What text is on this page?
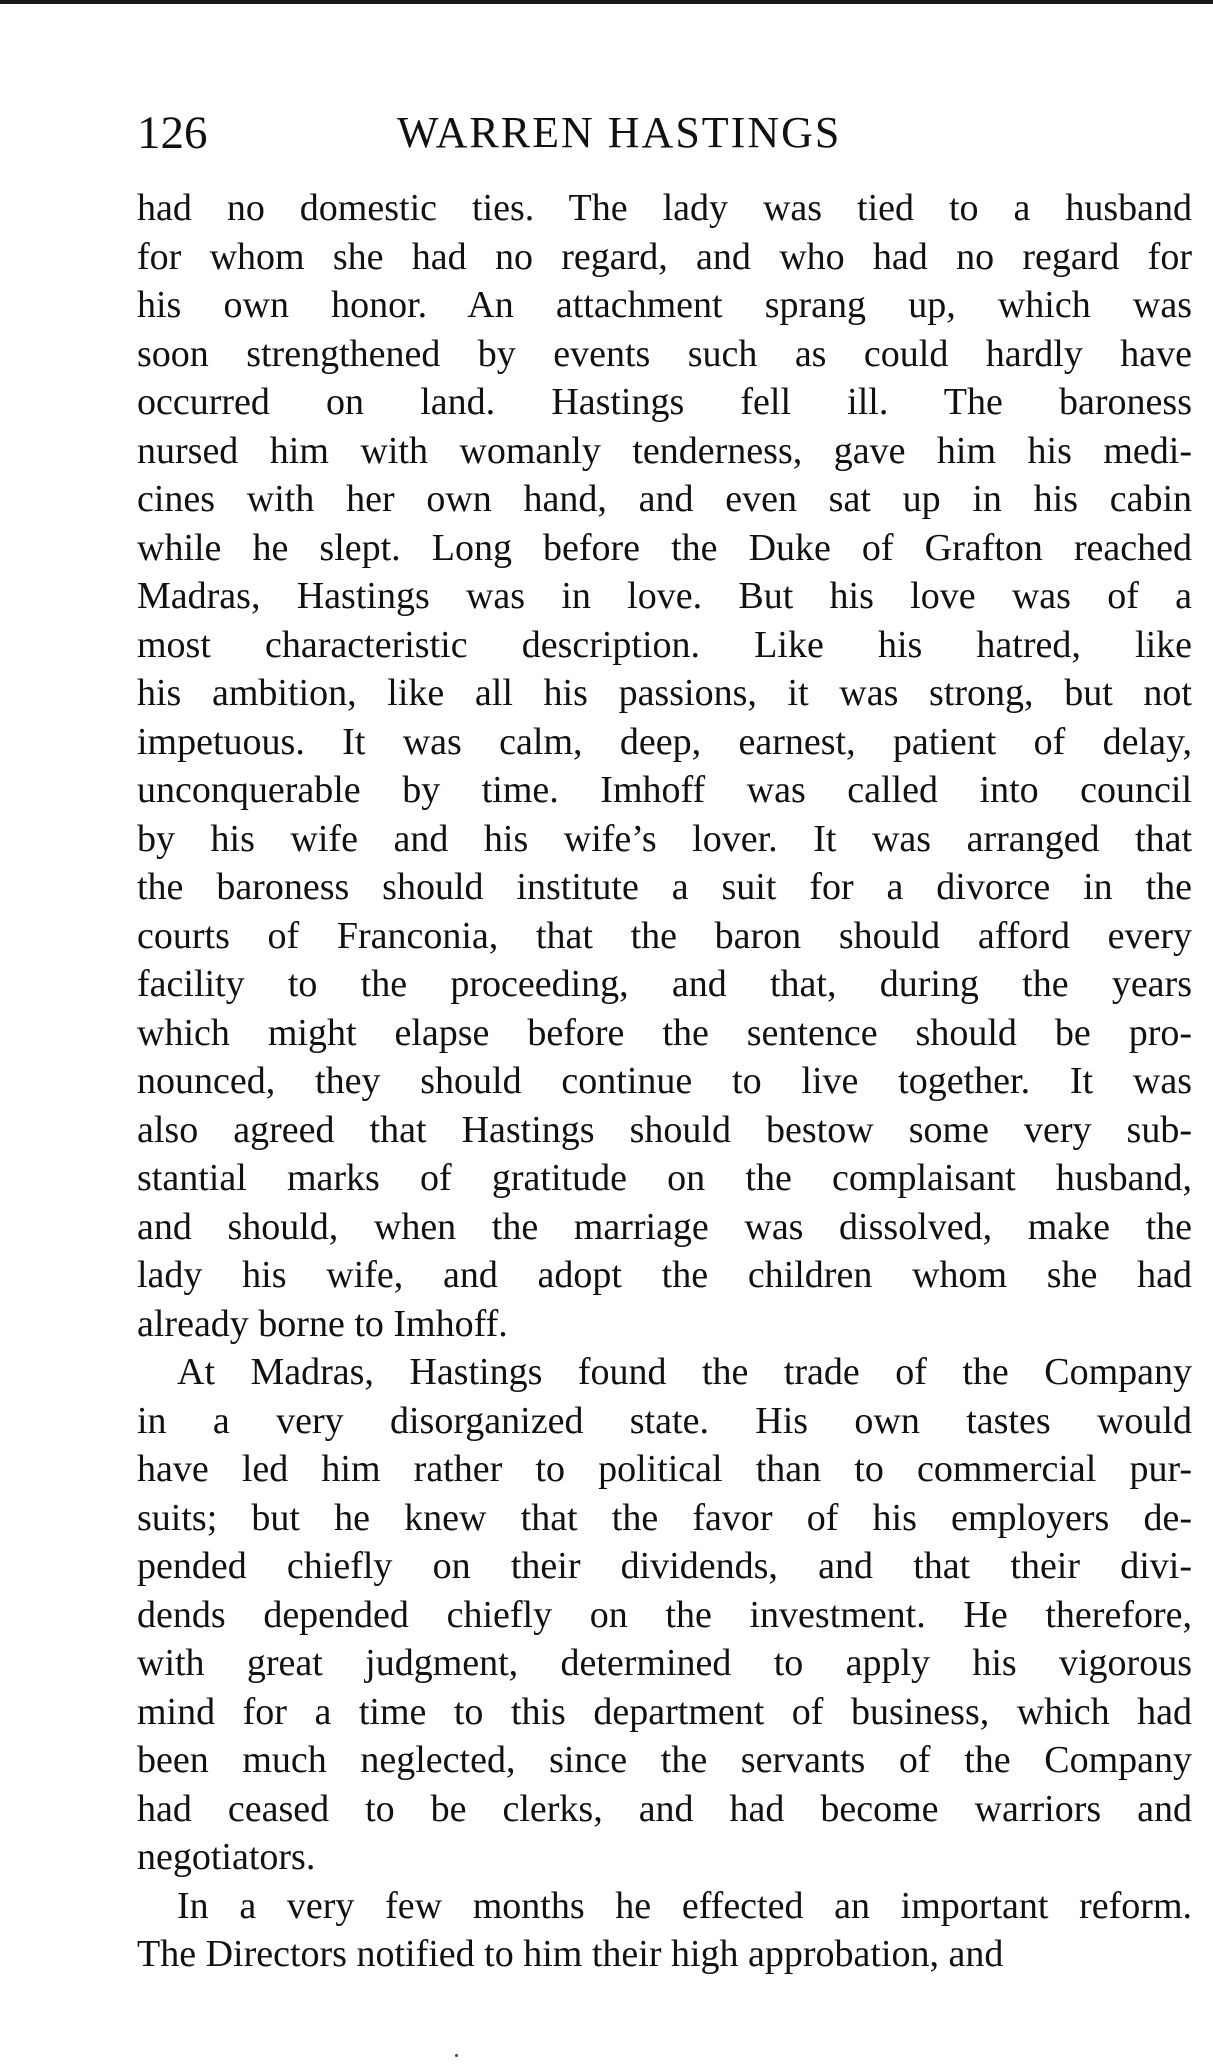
126	WARREN HASTINGS
had no domestic ties. The lady was tied to a husband
for whom she had no regard, and who had no regard for
his own honor. An attachment sprang up, which was
soon strengthened by events such as could hardly have
occurred on land. Hastings fell ill. The baroness
nursed him with womanly tenderness, gave him his medi-
cines with her own hand, and even sat up in his cabin
while he slept. Long before the Duke of Grafton reached
Madras, Hastings was in love. But his love was of a
most characteristic description. Like his hatred, like
his ambition, like all his passions, it was strong, but not
impetuous. It was calm, deep, earnest, patient of delay,
unconquerable by time. Imhoff was called into council
by his wife and his wife’s lover. It was arranged that
the baroness should institute a suit for a divorce in the
courts of Franconia, that the baron should afford every
facility to the proceeding, and that, during the years
which might elapse before the sentence should be pro-
nounced, they should continue to live together. It was
also agreed that Hastings should bestow some very sub-
stantial marks of gratitude on the complaisant husband,
and should, when the marriage was dissolved, make the
lady his wife, and adopt the children whom she had
already borne to Imhoff.
At Madras, Hastings found the trade of the Company
in a very disorganized state. His own tastes would
have led him rather to political than to commercial pur-
suits; but he knew that the favor of his employers de-
pended chiefly on their dividends, and that their divi-
dends depended chiefly on the investment. He therefore,
with great judgment, determined to apply his vigorous
mind for a time to this department of business, which had
been much neglected, since the servants of the Company
had ceased to be clerks, and had become warriors and
negotiators.
In a very few months he effected an important reform.
The Directors notified to him their high approbation, and
